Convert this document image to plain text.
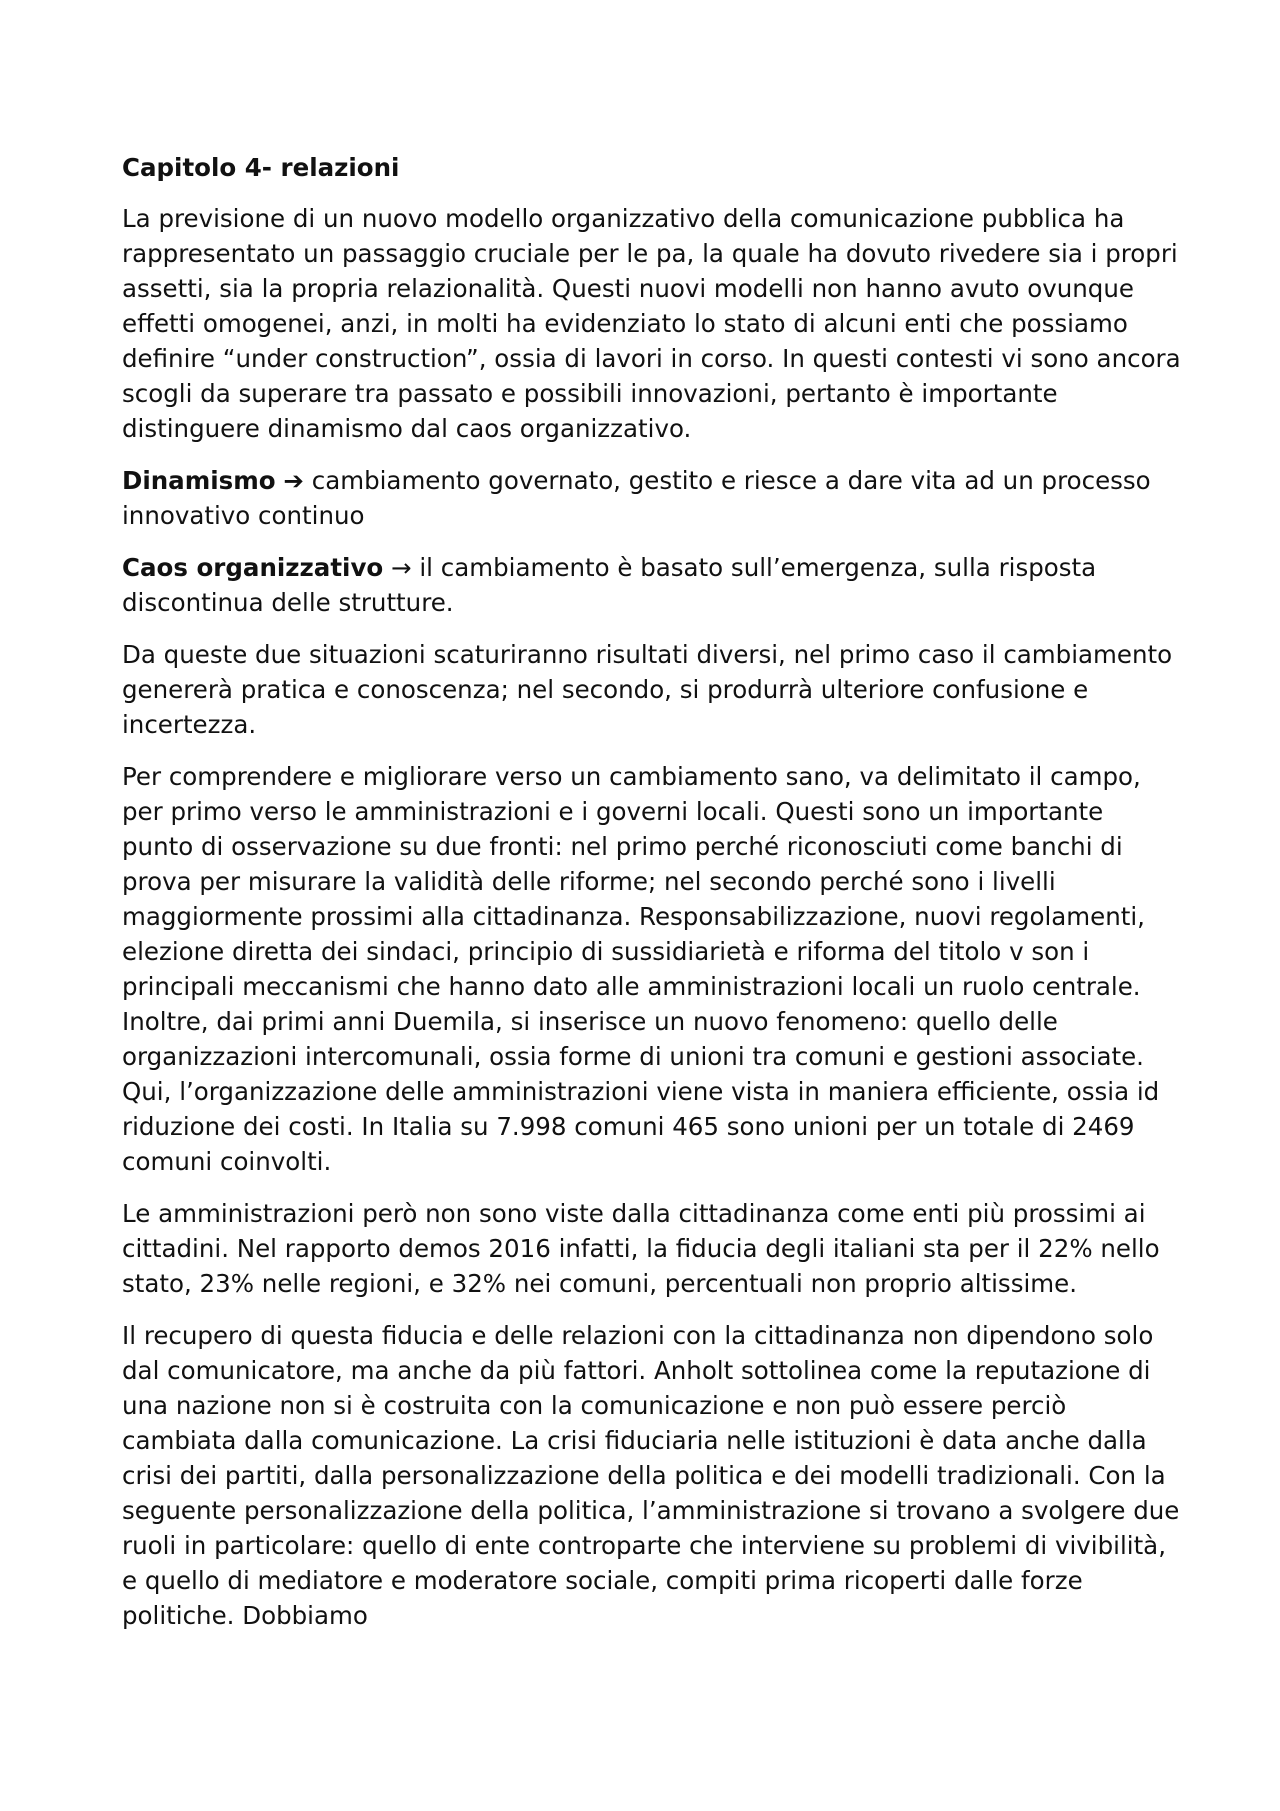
Capitolo 4- relazioni

La previsione di un nuovo modello organizzativo della comunicazione pubblica ha rappresentato un passaggio cruciale per le pa, la quale ha dovuto rivedere sia i propri assetti, sia la propria relazionalità. Questi nuovi modelli non hanno avuto ovunque effetti omogenei, anzi, in molti ha evidenziato lo stato di alcuni enti che possiamo definire “under construction”, ossia di lavori in corso. In questi contesti vi sono ancora scogli da superare tra passato e possibili innovazioni, pertanto è importante distinguere dinamismo dal caos organizzativo.

Dinamismo ➔ cambiamento governato, gestito e riesce a dare vita ad un processo innovativo continuo

Caos organizzativo → il cambiamento è basato sull’emergenza, sulla risposta discontinua delle strutture.

Da queste due situazioni scaturiranno risultati diversi, nel primo caso il cambiamento genererà pratica e conoscenza; nel secondo, si produrrà ulteriore confusione e incertezza.

Per comprendere e migliorare verso un cambiamento sano, va delimitato il campo, per primo verso le amministrazioni e i governi locali. Questi sono un importante punto di osservazione su due fronti: nel primo perché riconosciuti come banchi di prova per misurare la validità delle riforme; nel secondo perché sono i livelli maggiormente prossimi alla cittadinanza. Responsabilizzazione, nuovi regolamenti, elezione diretta dei sindaci, principio di sussidiarietà e riforma del titolo v son i principali meccanismi che hanno dato alle amministrazioni locali un ruolo centrale. Inoltre, dai primi anni Duemila, si inserisce un nuovo fenomeno: quello delle organizzazioni intercomunali, ossia forme di unioni tra comuni e gestioni associate. Qui, l’organizzazione delle amministrazioni viene vista in maniera efficiente, ossia id riduzione dei costi. In Italia su 7.998 comuni 465 sono unioni per un totale di 2469 comuni coinvolti.

Le amministrazioni però non sono viste dalla cittadinanza come enti più prossimi ai cittadini. Nel rapporto demos 2016 infatti, la fiducia degli italiani sta per il 22% nello stato, 23% nelle regioni, e 32% nei comuni, percentuali non proprio altissime.

Il recupero di questa fiducia e delle relazioni con la cittadinanza non dipendono solo dal comunicatore, ma anche da più fattori. Anholt sottolinea come la reputazione di una nazione non si è costruita con la comunicazione e non può essere perciò cambiata dalla comunicazione. La crisi fiduciaria nelle istituzioni è data anche dalla crisi dei partiti, dalla personalizzazione della politica e dei modelli tradizionali. Con la seguente personalizzazione della politica, l’amministrazione si trovano a svolgere due ruoli in particolare: quello di ente controparte che interviene su problemi di vivibilità, e quello di mediatore e moderatore sociale, compiti prima ricoperti dalle forze politiche. Dobbiamo
